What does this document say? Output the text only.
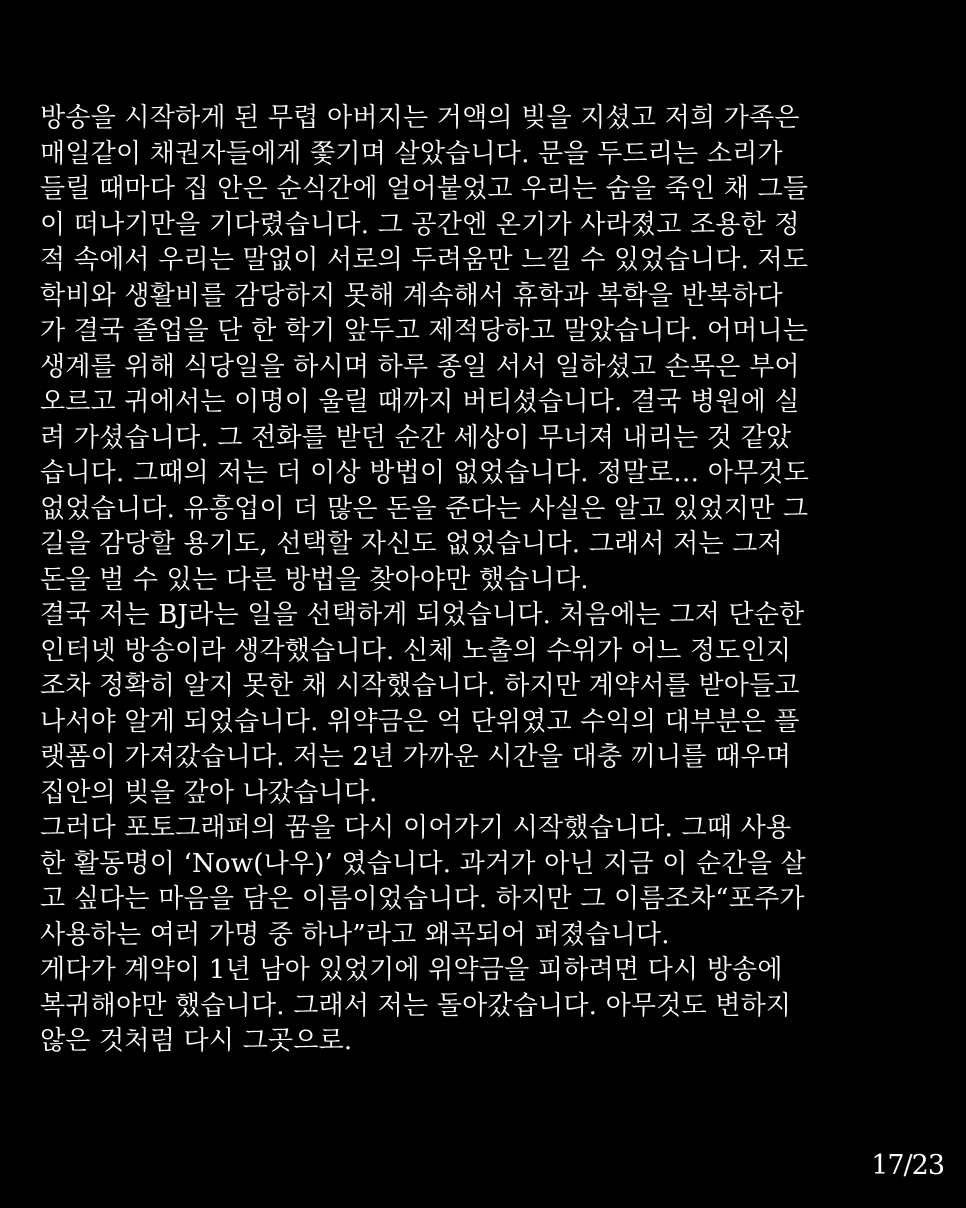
방송을 시작하게 된 무렵 아버지는 거액의 빚을 지셨고 저희 가족은
매일같이 채권자들에게 쫓기며 살았습니다. 문을 두드리는 소리가
들릴 때마다 집 안은 순식간에 얼어붙었고 우리는 숨을 죽인 채 그들
이 떠나기만을 기다렸습니다. 그 공간엔 온기가 사라졌고 조용한 정
적 속에서 우리는 말없이 서로의 두려움만 느낄 수 있었습니다. 저도
학비와 생활비를 감당하지 못해 계속해서 휴학과 복학을 반복하다
가 결국 졸업을 단 한 학기 앞두고 제적당하고 말았습니다. 어머니는
생계를 위해 식당일을 하시며 하루 종일 서서 일하셨고 손목은 부어
오르고 귀에서는 이명이 울릴 때까지 버티셨습니다. 결국 병원에 실
려 가셨습니다. 그 전화를 받던 순간 세상이 무너져 내리는 것 같았
습니다. 그때의 저는 더 이상 방법이 없었습니다. 정말로… 아무것도
없었습니다. 유흥업이 더 많은 돈을 준다는 사실은 알고 있었지만 그
길을 감당할 용기도, 선택할 자신도 없었습니다. 그래서 저는 그저
돈을 벌 수 있는 다른 방법을 찾아야만 했습니다.
결국 저는 BJ라는 일을 선택하게 되었습니다. 처음에는 그저 단순한
인터넷 방송이라 생각했습니다. 신체 노출의 수위가 어느 정도인지
조차 정확히 알지 못한 채 시작했습니다. 하지만 계약서를 받아들고
나서야 알게 되었습니다. 위약금은 억 단위였고 수익의 대부분은 플
랫폼이 가져갔습니다. 저는 2년 가까운 시간을 대충 끼니를 때우며
집안의 빚을 갚아 나갔습니다.
그러다 포토그래퍼의 꿈을 다시 이어가기 시작했습니다. 그때 사용
한 활동명이 ‘Now(나우)’ 였습니다. 과거가 아닌 지금 이 순간을 살
고 싶다는 마음을 담은 이름이었습니다. 하지만 그 이름조차“포주가
사용하는 여러 가명 중 하나”라고 왜곡되어 퍼졌습니다.
게다가 계약이 1년 남아 있었기에 위약금을 피하려면 다시 방송에
복귀해야만 했습니다. 그래서 저는 돌아갔습니다. 아무것도 변하지
않은 것처럼 다시 그곳으로.
17/23
